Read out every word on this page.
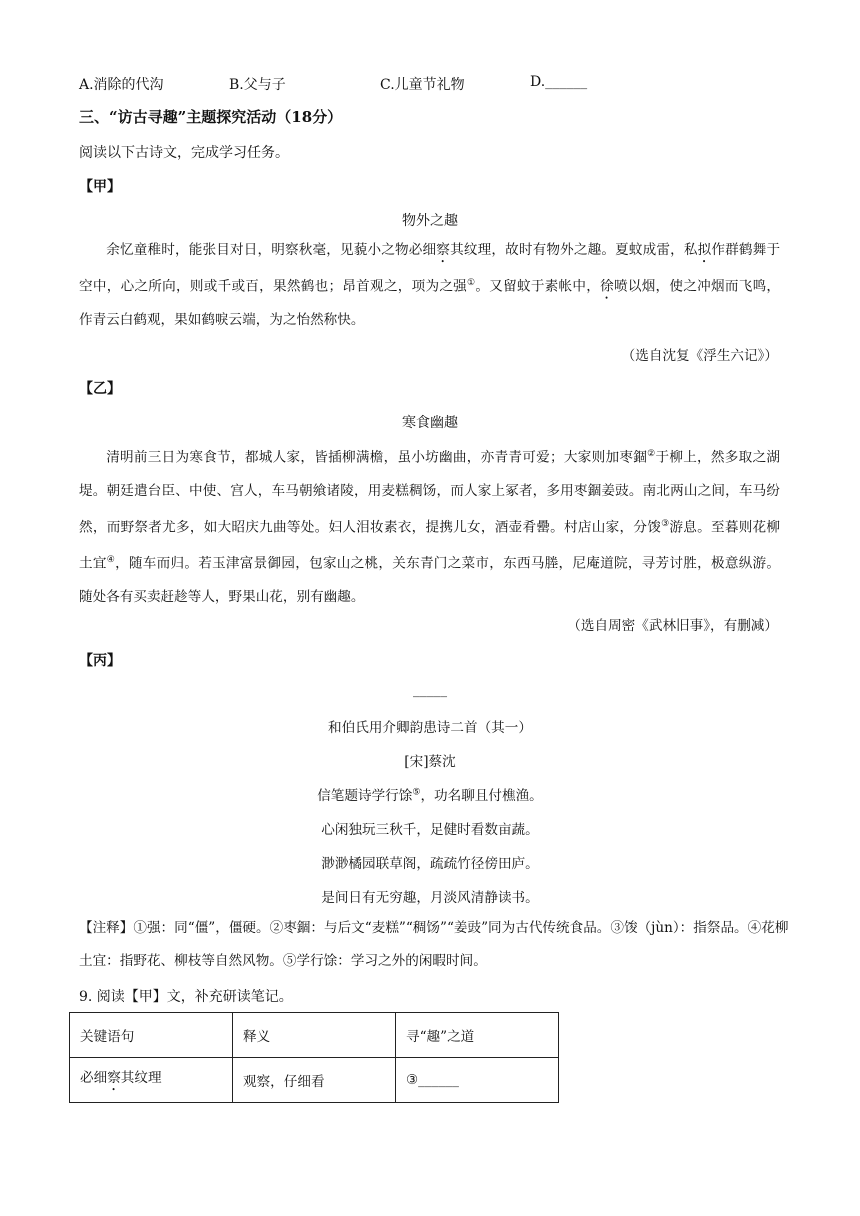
A.消除的代沟	B.父与子	C.儿童节礼物	D.______
三、“访古寻趣”主题探究活动（18分）
阅读以下古诗文，完成学习任务。
【甲】
物外之趣

余忆童稚时，能张目对日，明察秋毫，见藐小之物必细察其纹理，故时有物外之趣。夏蚊成雷，私拟作群鹤舞于空中，心之所向，则或千或百，果然鹤也；昂首观之，项为之强①。又留蚊于素帐中，徐喷以烟，使之冲烟而飞鸣，作青云白鹤观，果如鹤唳云端，为之怡然称快。

（选自沈复《浮生六记》）
【乙】
寒食幽趣

清明前三日为寒食节，都城人家，皆插柳满檐，虽小坊幽曲，亦青青可爱；大家则加枣錮②于柳上，然多取之湖堤。朝廷遣台臣、中使、宫人，车马朝飨诸陵，用麦糕稠饧，而人家上冢者，多用枣錮姜豉。南北两山之间，车马纷然，而野祭者尤多，如大昭庆九曲等处。妇人泪妆素衣，提携儿女，酒壶肴罍。村店山家，分馂③游息。至暮则花柳土宜④，随车而归。若玉津富景御园，包家山之桃，关东青门之菜市，东西马塍，尼庵道院，寻芳讨胜，极意纵游。随处各有买卖赶趁等人，野果山花，别有幽趣。

（选自周密《武林旧事》，有删减）
【丙】
_____
和伯氏用介卿韵患诗二首（其一）
[宋]蔡沈
信笔题诗学行馀⑤，功名聊且付樵渔。
心闲独玩三秋千，足健时看数亩蔬。
渺渺橘园联草阁，疏疏竹径傍田庐。
是间日有无穷趣，月淡风清静读书。
【注释】①强：同“僵”，僵硬。②枣錮：与后文“麦糕”“稠饧”“姜豉”同为古代传统食品。③馂（jùn）：指祭品。④花柳土宜：指野花、柳枝等自然风物。⑤学行馀：学习之外的闲暇时间。
9. 阅读【甲】文，补充研读笔记。
关键语句	释义	寻“趣”之道
必细察其纹理	观察，仔细看	③______
